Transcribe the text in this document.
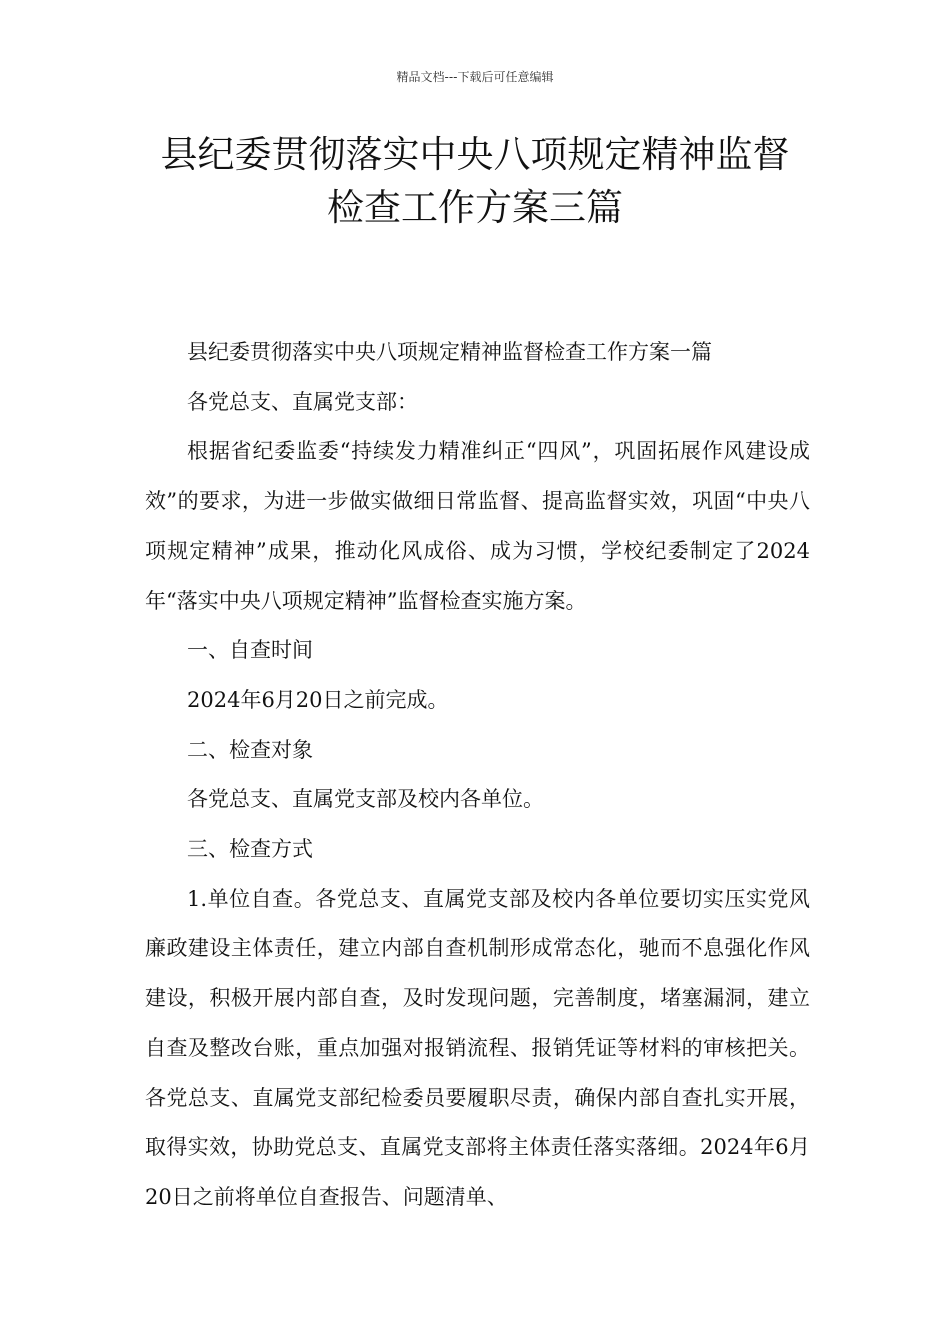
精品文档---下载后可任意编辑
县纪委贯彻落实中央八项规定精神监督
检查工作方案三篇

县纪委贯彻落实中央八项规定精神监督检查工作方案一篇

各党总支、直属党支部：

根据省纪委监委“持续发力精准纠正“四风”，巩固拓展作风建设成效”的要求，为进一步做实做细日常监督、提高监督实效，巩固“中央八项规定精神”成果，推动化风成俗、成为习惯，学校纪委制定了2024年“落实中央八项规定精神”监督检查实施方案。

一、自查时间

2024年6月20日之前完成。

二、检查对象

各党总支、直属党支部及校内各单位。

三、检查方式

1.单位自查。各党总支、直属党支部及校内各单位要切实压实党风廉政建设主体责任，建立内部自查机制形成常态化，驰而不息强化作风建设，积极开展内部自查，及时发现问题，完善制度，堵塞漏洞，建立自查及整改台账，重点加强对报销流程、报销凭证等材料的审核把关。各党总支、直属党支部纪检委员要履职尽责，确保内部自查扎实开展，取得实效，协助党总支、直属党支部将主体责任落实落细。2024年6月20日之前将单位自查报告、问题清单、
